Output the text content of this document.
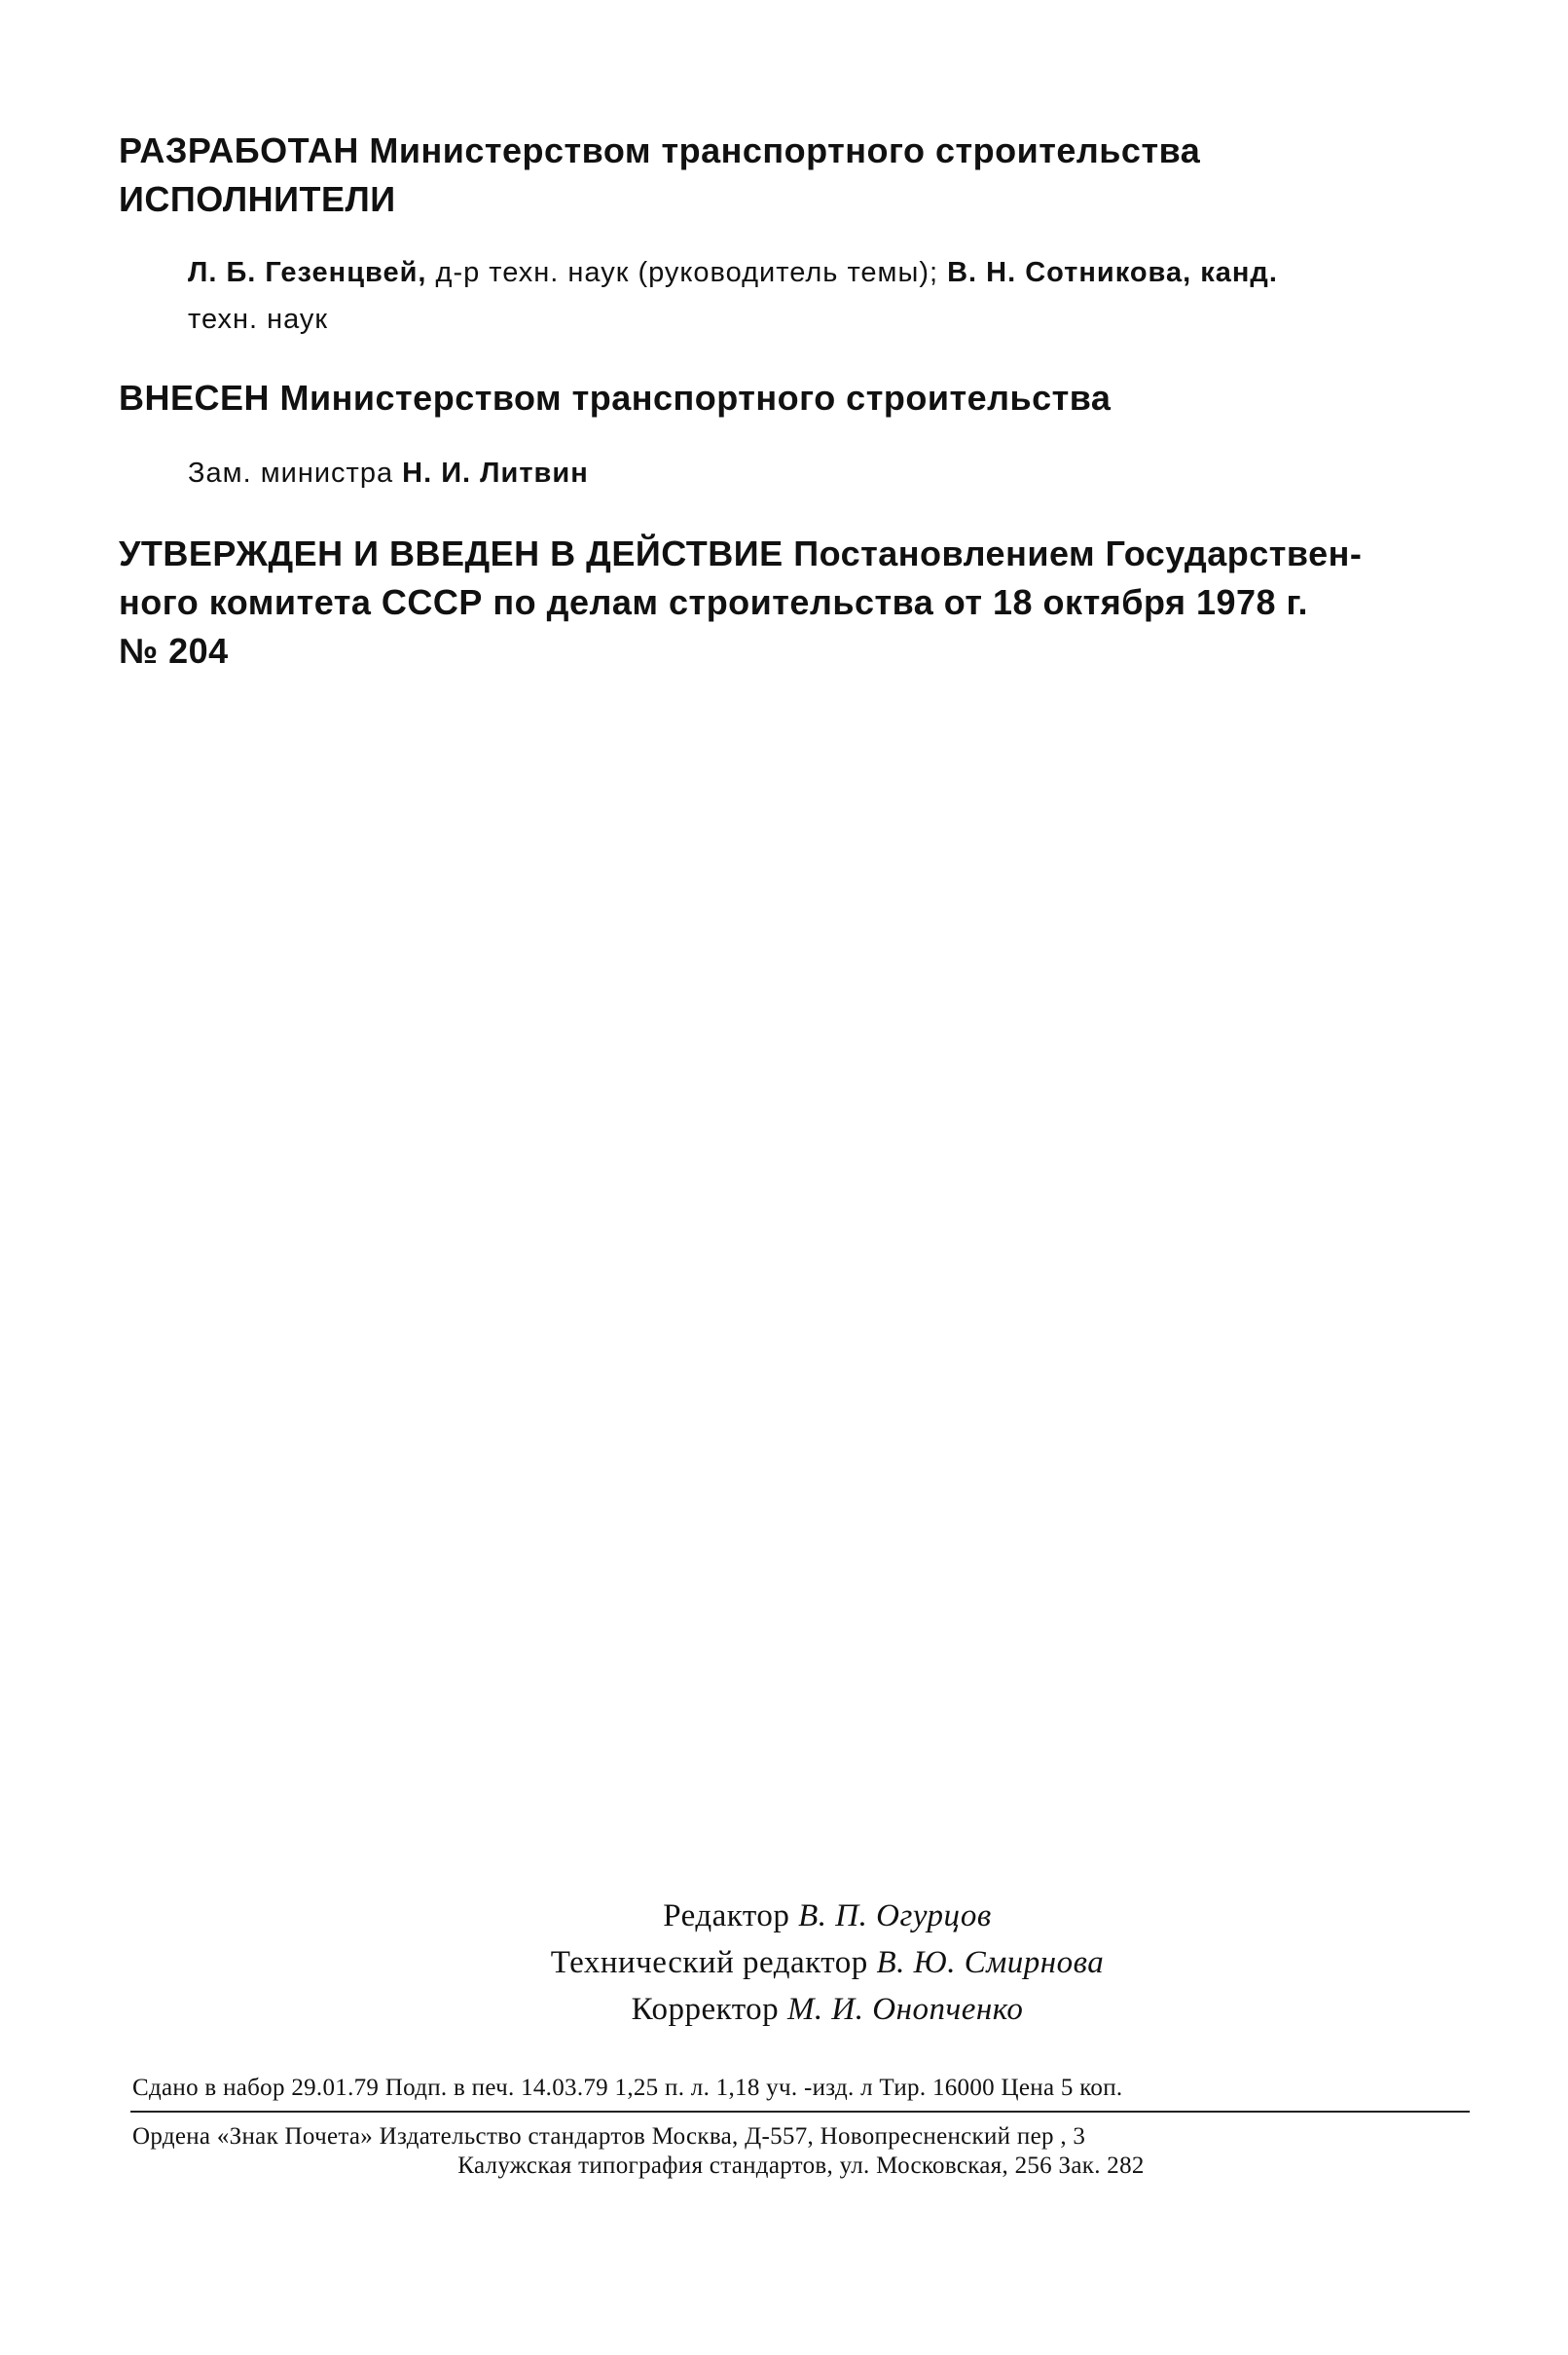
РАЗРАБОТАН Министерством транспортного строительства
ИСПОЛНИТЕЛИ
Л. Б. Гезенцвей, д-р техн. наук (руководитель темы); В. Н. Сотникова, канд.
техн. наук
ВНЕСЕН Министерством транспортного строительства
Зам. министра Н. И. Литвин
УТВЕРЖДЕН И ВВЕДЕН В ДЕЙСТВИЕ Постановлением Государствен-
ного комитета СССР по делам строительства от 18 октября 1978 г.
№ 204
Редактор В. П. Огурцов
Технический редактор В. Ю. Смирнова
Корректор М. И. Онопченко
Сдано в набор 29.01.79 Подп. в печ. 14.03.79 1,25 п. л. 1,18 уч. -изд. л Тир. 16000 Цена 5 коп.
Ордена «Знак Почета» Издательство стандартов Москва, Д-557, Новопресненский пер , 3
Калужская типография стандартов, ул. Московская, 256 Зак. 282
